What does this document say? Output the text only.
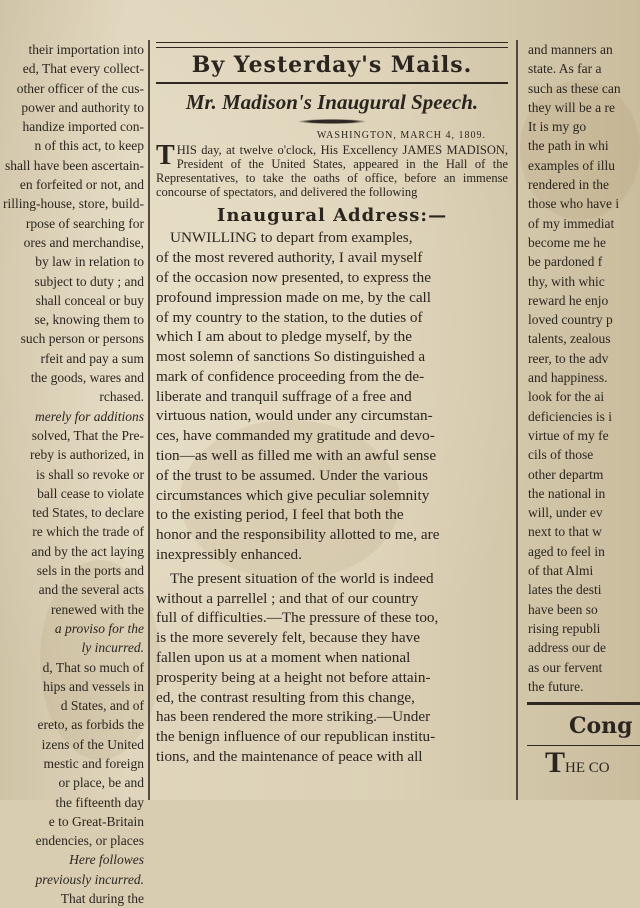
their importation into
ed, That every collect-
other officer of the cus-
power and authority to
handize imported con-
n of this act, to keep
shall have been ascertain-
en forfeited or not, and
rilling-house, store, build-
rpose of searching for
ores and merchandise,
by law in relation to
subject to duty ; and
shall conceal or buy
se, knowing them to
such person or persons
rfeit and pay a sum
the goods, wares and
rchased.
merely for additions
solved, That the Pre-
reby is authorized, in
is shall so revoke or
ball cease to violate
ted States, to declare
re which the trade of
and by the act laying
sels in the ports and
and the several acts
renewed with the
a proviso for the
ly incurred.
d, That so much of
hips and vessels in
d States, and of
ereto, as forbids the
izens of the United
mestic and foreign
or place, be and
the fifteenth day
e to Great-Britain
endencies, or places
Here followes
previously incurred.
That during the
By Yesterday's Mails.
Mr. Madison's Inaugural Speech.
WASHINGTON, MARCH 4, 1809.
THIS day, at twelve o'clock, His Excellency JAMES MADISON, President of the United States, appeared in the Hall of the Representatives, to take the oaths of office, before an immense concourse of spectators, and delivered the following
Inaugural Address:—
UNWILLING to depart from examples,
of the most revered authority, I avail myself
of the occasion now presented, to express the
profound impression made on me, by the call
of my country to the station, to the duties of
which I am about to pledge myself, by the
most solemn of sanctions So distinguished a
mark of confidence proceeding from the de-
liberate and tranquil suffrage of a free and
virtuous nation, would under any circumstan-
ces, have commanded my gratitude and devo-
tion—as well as filled me with an awful sense
of the trust to be assumed. Under the various
circumstances which give peculiar solemnity
to the existing period, I feel that both the
honor and the responsibility allotted to me, are
inexpressibly enhanced.
The present situation of the world is indeed
without a parrellel ; and that of our country
full of difficulties.—The pressure of these too,
is the more severely felt, because they have
fallen upon us at a moment when national
prosperity being at a height not before attain-
ed, the contrast resulting from this change,
has been rendered the more striking.—Under
the benign influence of our republican institu-
tions, and the maintenance of peace with all
and manners an
state. As far a
such as these can
they will be a re
It is my go
the path in whi
examples of illu
rendered in the
those who have i
of my immediat
become me he
be pardoned f
thy, with whic
reward he enjo
loved country p
talents, zealous
reer, to the adv
and happiness.
look for the ai
deficiencies is i
virtue of my fe
cils of those
other departm
the national in
will, under ev
next to that w
aged to feel in
of that Almi
lates the desti
have been so
rising republi
address our de
as our fervent
the future.
Cong
THE CO
